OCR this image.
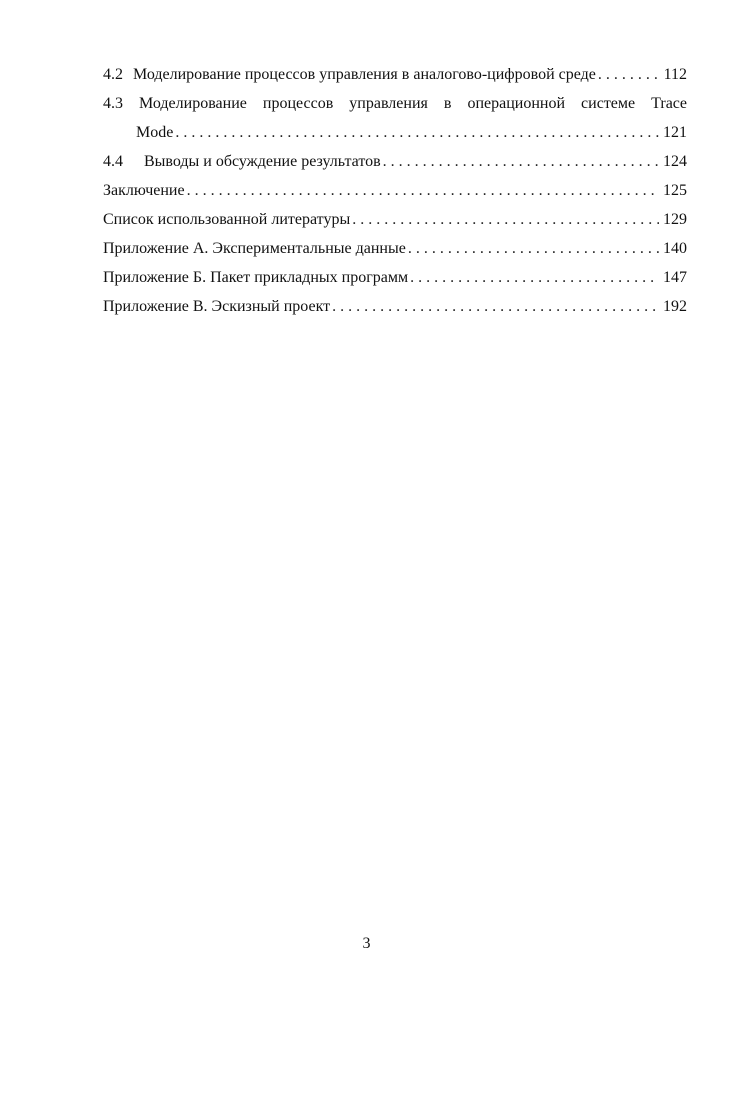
4.2 Моделирование процессов управления в аналогово-цифровой среде . . .	112
4.3 Моделирование процессов управления в операционной системе Trace
Mode . . .	121
4.4	Выводы и обсуждение результатов . . .	124
Заключение . . .	125
Список использованной литературы . . .	129
Приложение А. Экспериментальные данные . . .	140
Приложение Б. Пакет прикладных программ . . .	147
Приложение В. Эскизный проект . . .	192
3
